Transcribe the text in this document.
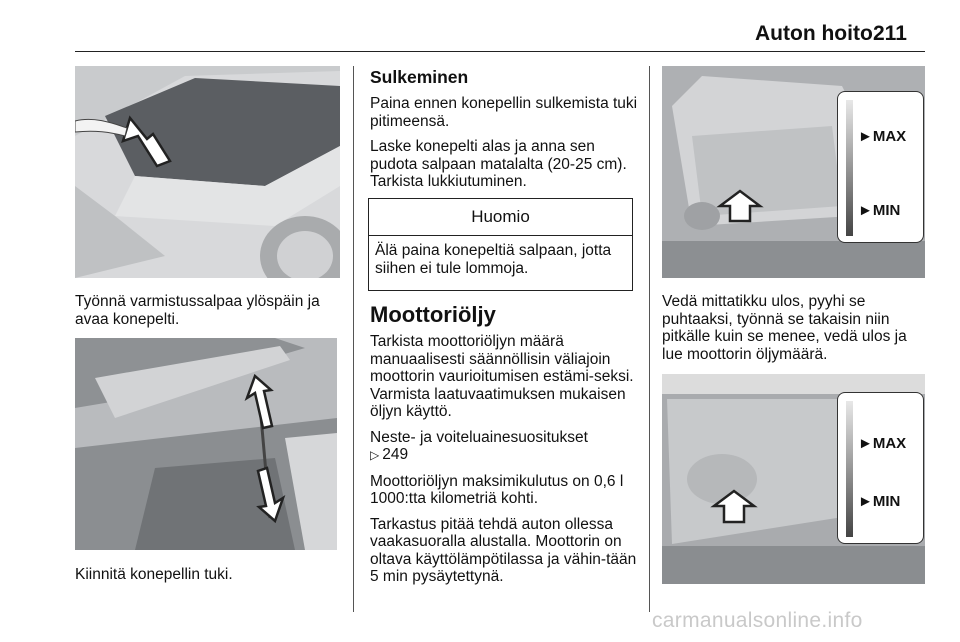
Auton hoito 211

Työnnä varmistussalpaa ylöspäin ja avaa konepelti.

Kiinnitä konepellin tuki.

Sulkeminen

Paina ennen konepellin sulkemista tuki pitimeensä.

Laske konepelti alas ja anna sen pudota salpaan matalalta (20-25 cm). Tarkista lukkiutuminen.

Huomio
Älä paina konepeltiä salpaan, jotta siihen ei tule lommoja.
Moottoriöljy

Tarkista moottoriöljyn määrä manuaalisesti säännöllisin väliajoin moottorin vaurioitumisen estämi-seksi. Varmista laatuvaatimuksen mukaisen öljyn käyttö.

Neste- ja voiteluainesuositukset
▷ 249

Moottoriöljyn maksimikulutus on 0,6 l 1000:tta kilometriä kohti.

Tarkastus pitää tehdä auton ollessa vaakasuoralla alustalla. Moottorin on oltava käyttölämpötilassa ja vähin-tään 5 min pysäytettynä.

►MAX
►MIN

Vedä mittatikku ulos, pyyhi se puhtaaksi, työnnä se takaisin niin pitkälle kuin se menee, vedä ulos ja lue moottorin öljymäärä.

►MAX
►MIN
carmanualsonline.info
